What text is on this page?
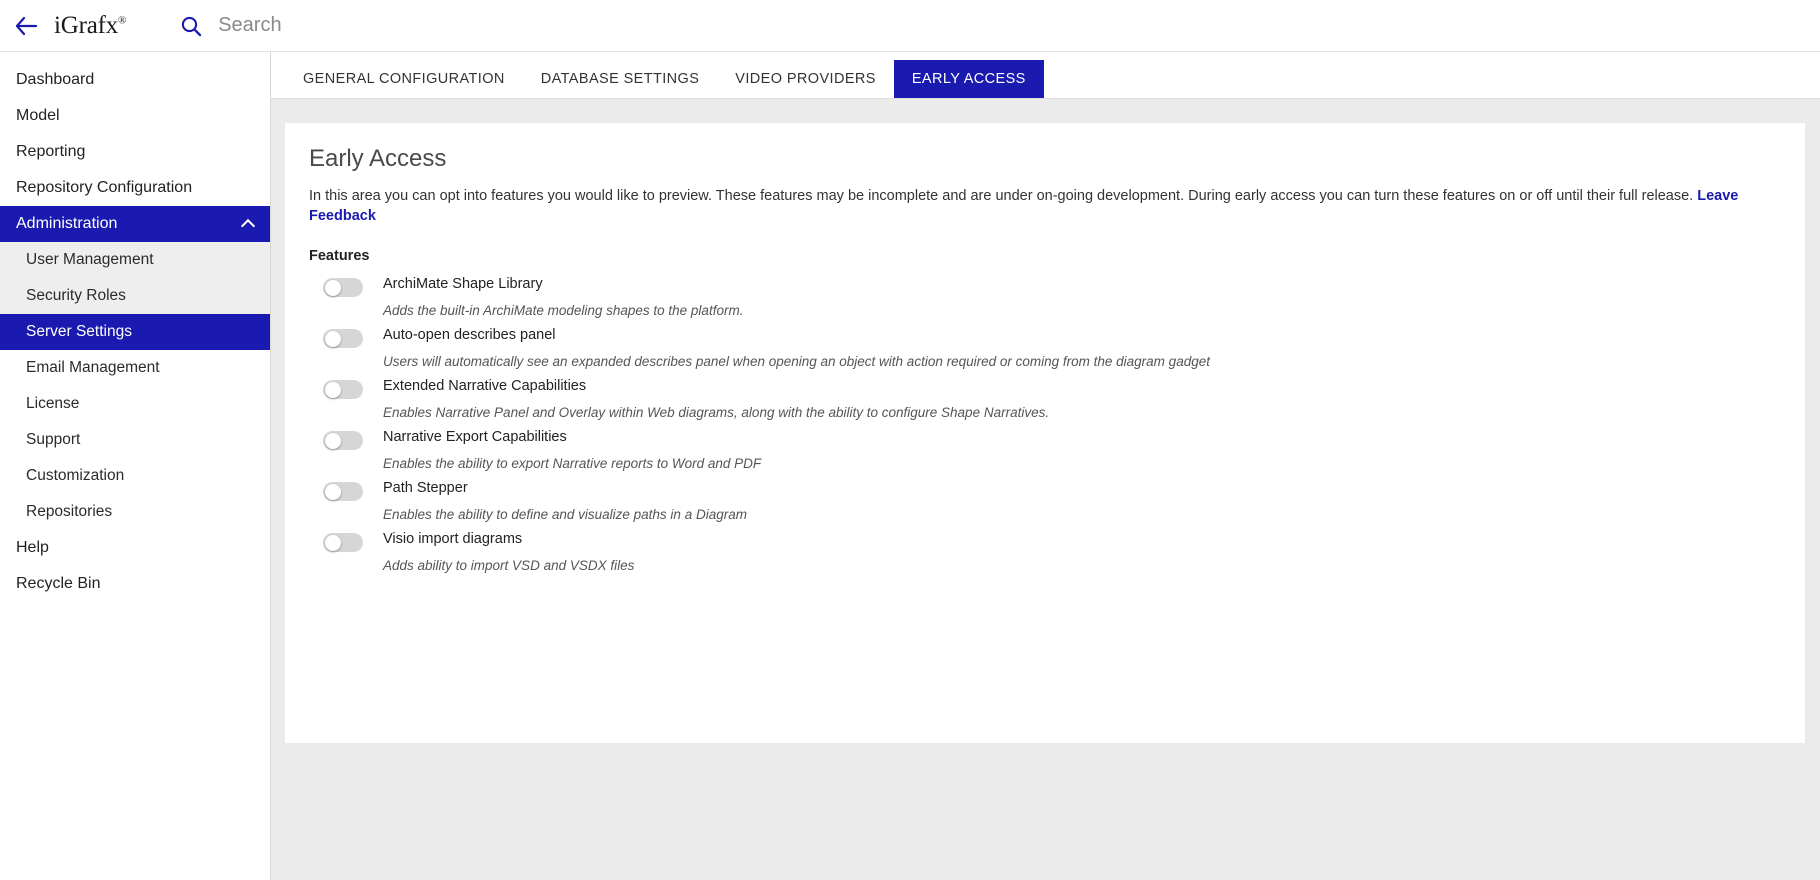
iGrafx®
Search
Dashboard
Model
Reporting
Repository Configuration
Administration
User Management
Security Roles
Server Settings
Email Management
License
Support
Customization
Repositories
Help
Recycle Bin
GENERAL CONFIGURATION DATABASE SETTINGS VIDEO PROVIDERS EARLY ACCESS
Early Access

In this area you can opt into features you would like to preview. These features may be incomplete and are under on-going development. During early access you can turn these features on or off until their full release. Leave Feedback

Features
ArchiMate Shape Library
Adds the built-in ArchiMate modeling shapes to the platform.
Auto-open describes panel
Users will automatically see an expanded describes panel when opening an object with action required or coming from the diagram gadget
Extended Narrative Capabilities
Enables Narrative Panel and Overlay within Web diagrams, along with the ability to configure Shape Narratives.
Narrative Export Capabilities
Enables the ability to export Narrative reports to Word and PDF
Path Stepper
Enables the ability to define and visualize paths in a Diagram
Visio import diagrams
Adds ability to import VSD and VSDX files
